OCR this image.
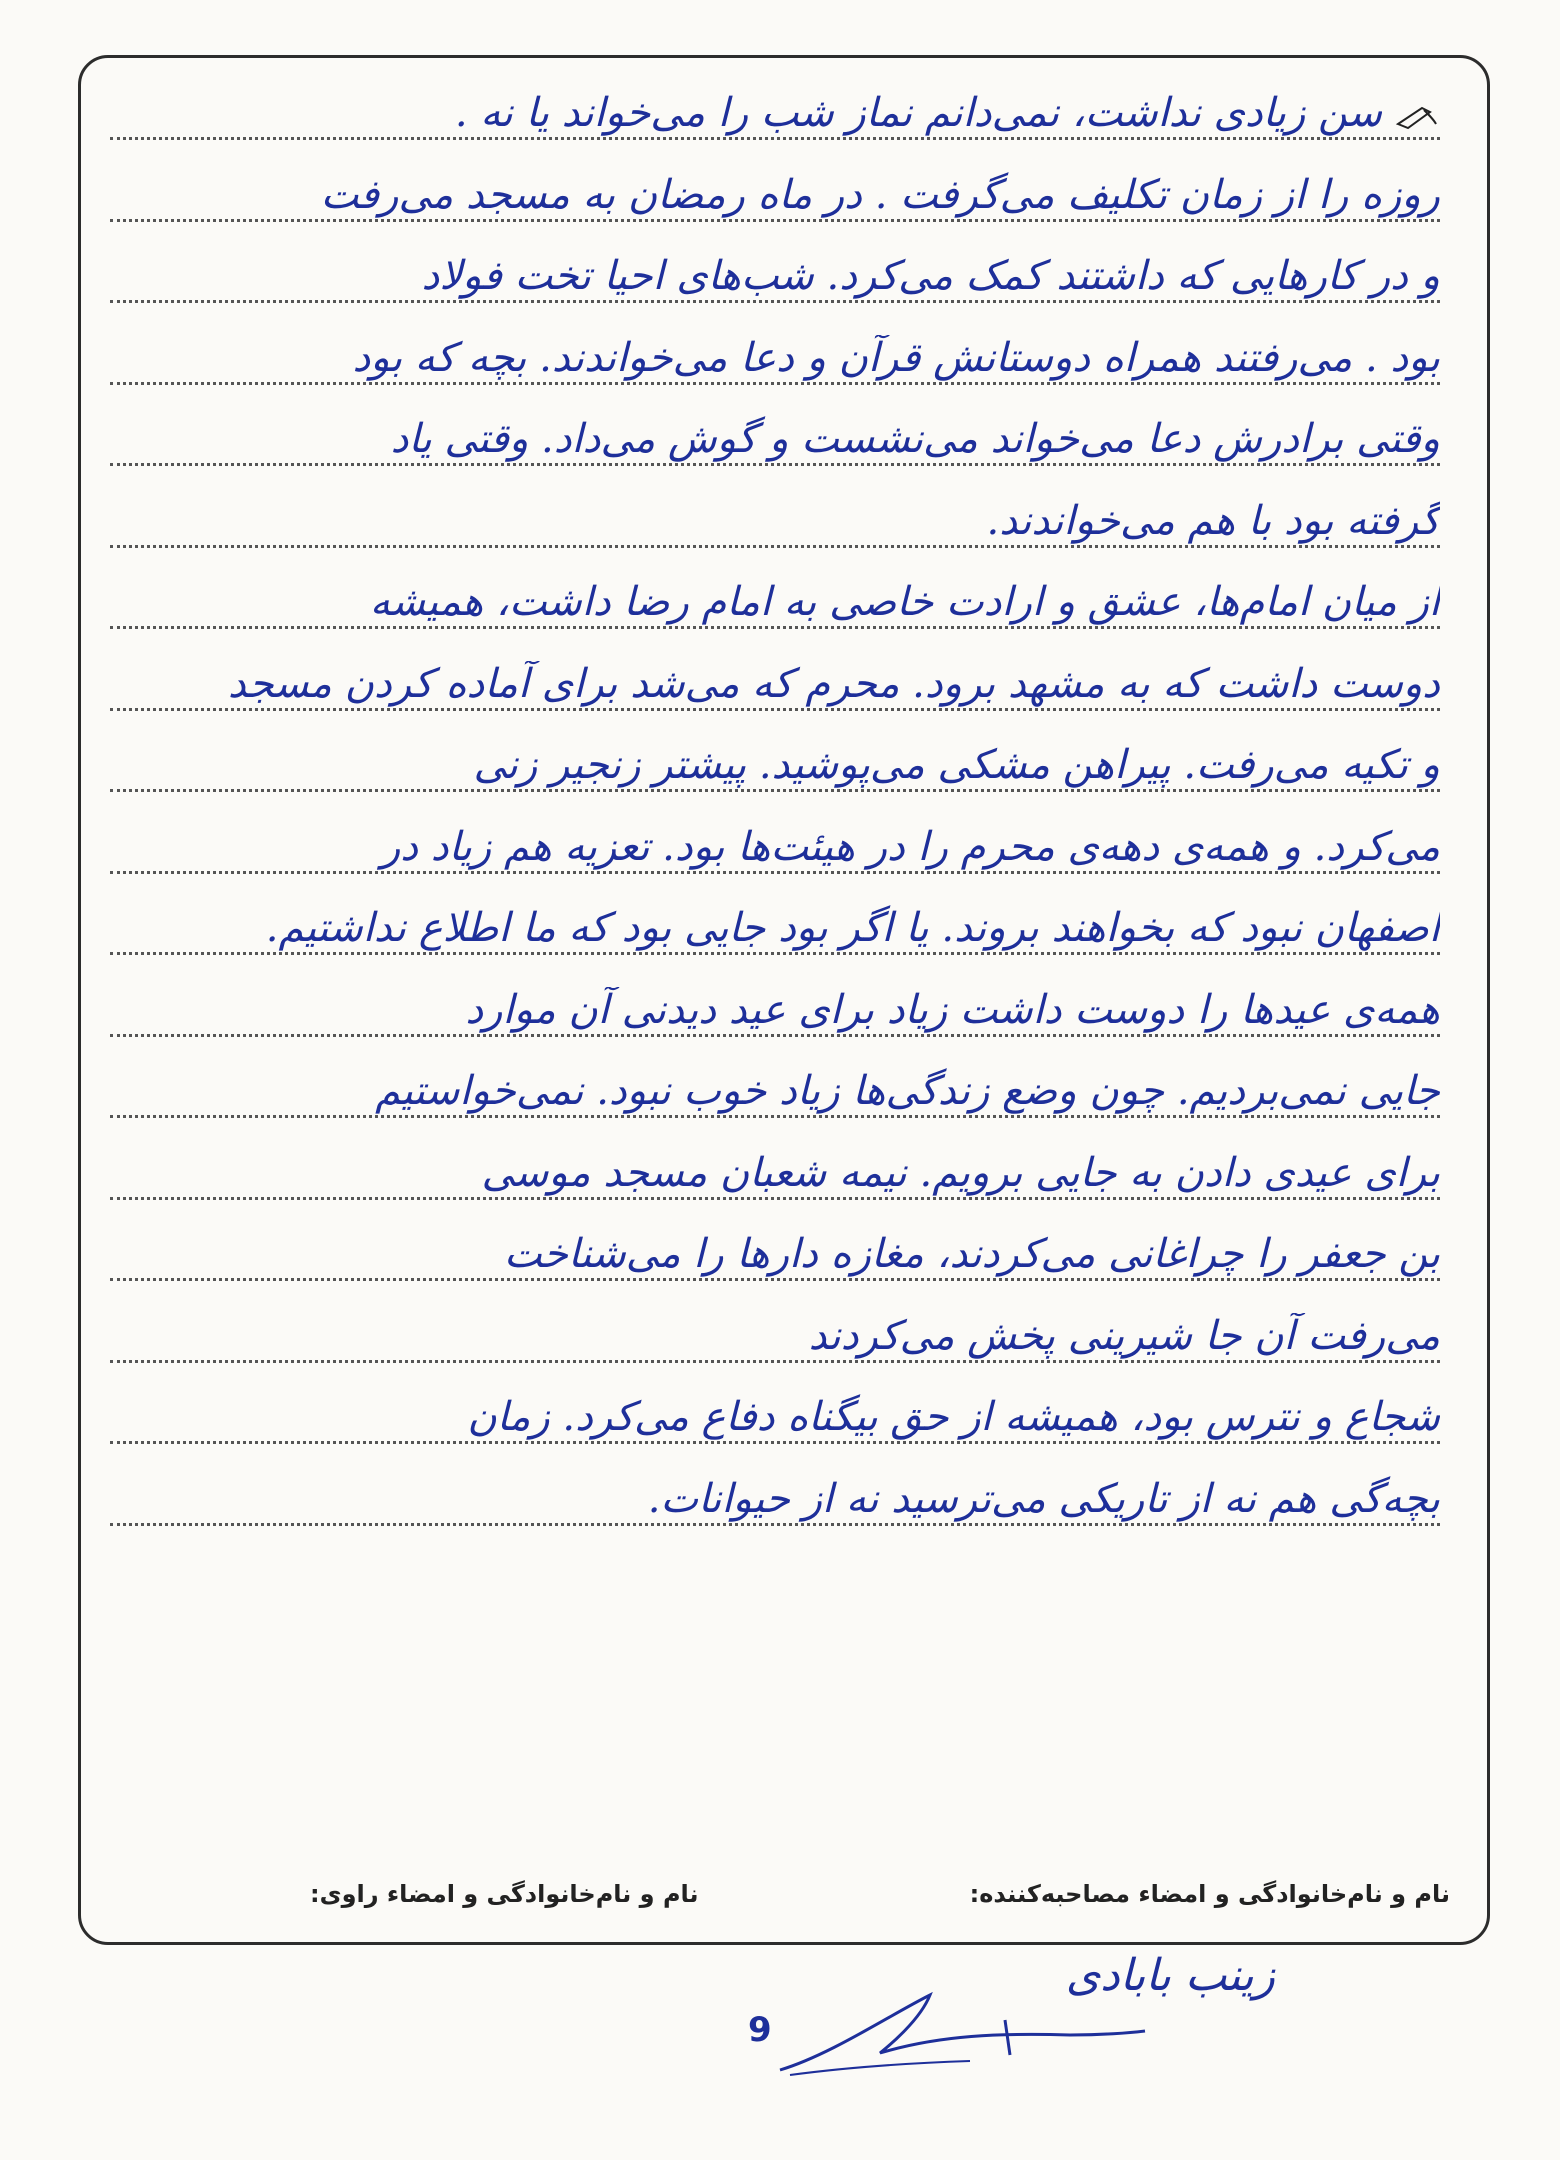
سن زیادی نداشت، نمی‌دانم نماز شب را می‌خواند یا نه .
روزه را از زمان تکلیف می‌گرفت . در ماه رمضان به مسجد می‌رفت
و در کارهایی که داشتند کمک می‌کرد. شب‌های احیا تخت فولاد
بود . می‌رفتند همراه دوستانش قرآن و دعا می‌خواندند. بچه که بود
وقتی برادرش دعا می‌خواند می‌نشست و گوش می‌داد. وقتی یاد
گرفته بود با هم می‌خواندند.
از میان امام‌ها، عشق و ارادت خاصی به امام رضا داشت، همیشه
دوست داشت که به مشهد برود. محرم که می‌شد برای آماده کردن مسجد
و تکیه می‌رفت. پیراهن مشکی می‌پوشید. پیشتر زنجیر زنی
می‌کرد. و همه‌ی دهه‌ی محرم را در هیئت‌ها بود. تعزیه هم زیاد در
اصفهان نبود که بخواهند بروند. یا اگر بود جایی بود که ما اطلاع نداشتیم.
همه‌ی عیدها را دوست داشت زیاد برای عید دیدنی آن موارد
جایی نمی‌بردیم. چون وضع زندگی‌ها زیاد خوب نبود. نمی‌خواستیم
برای عیدی دادن به جایی برویم. نیمه شعبان مسجد موسی
بن جعفر را چراغانی می‌کردند، مغازه دارها را می‌شناخت
می‌رفت آن جا شیرینی پخش می‌کردند
شجاع و نترس بود، همیشه از حق بیگناه دفاع می‌کرد. زمان
بچه‌گی هم نه از تاریکی می‌ترسید نه از حیوانات.
نام و نام‌خانوادگی و امضاء مصاحبه‌کننده:
نام و نام‌خانوادگی و امضاء راوی:
زینب بابادی
9
